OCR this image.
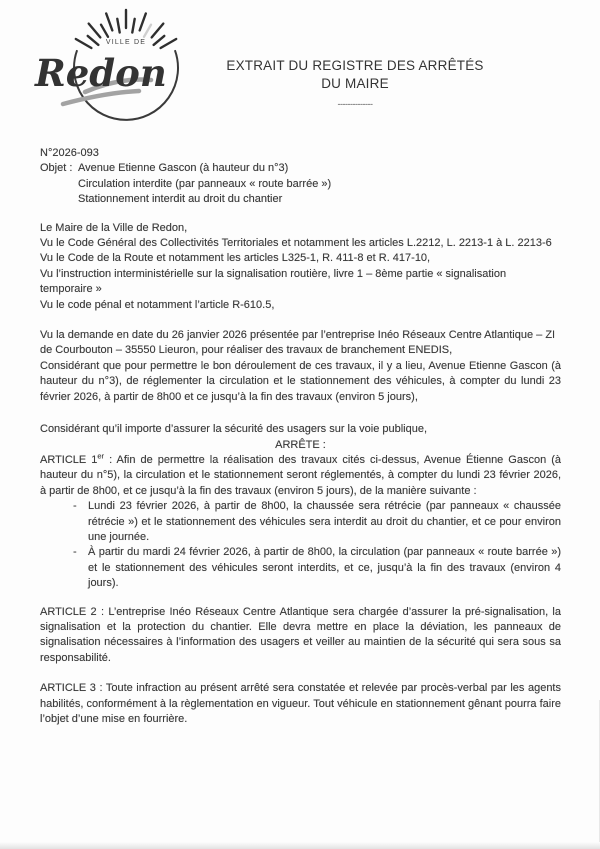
VILLE DE
Redon	EXTRAIT DU REGISTRE DES ARRÊTÉS
DU MAIRE
--------------

N°2026-093

Objet : Avenue Etienne Gascon (à hauteur du n°3)
Circulation interdite (par panneaux « route barrée »)
Stationnement interdit au droit du chantier

Le Maire de la Ville de Redon,

Vu le Code Général des Collectivités Territoriales et notamment les articles L.2212, L. 2213-1 à L. 2213-6

Vu le Code de la Route et notamment les articles L325-1, R. 411-8 et R. 417-10,

Vu l’instruction interministérielle sur la signalisation routière, livre 1 – 8ème partie « signalisation temporaire »

Vu le code pénal et notamment l’article R-610.5,

Vu la demande en date du 26 janvier 2026 présentée par l’entreprise Inéo Réseaux Centre Atlantique – ZI de Courbouton – 35550 Lieuron, pour réaliser des travaux de branchement ENEDIS,

Considérant que pour permettre le bon déroulement de ces travaux, il y a lieu, Avenue Etienne Gascon (à hauteur du n°3), de réglementer la circulation et le stationnement des véhicules, à compter du lundi 23 février 2026, à partir de 8h00 et ce jusqu’à la fin des travaux (environ 5 jours),

Considérant qu’il importe d’assurer la sécurité des usagers sur la voie publique,

ARRÊTE :

ARTICLE 1er : Afin de permettre la réalisation des travaux cités ci-dessus, Avenue Étienne Gascon (à hauteur du n°5), la circulation et le stationnement seront réglementés, à compter du lundi 23 février 2026, à partir de 8h00, et ce jusqu’à la fin des travaux (environ 5 jours), de la manière suivante :

-	Lundi 23 février 2026, à partir de 8h00, la chaussée sera rétrécie (par panneaux « chaussée rétrécie ») et le stationnement des véhicules sera interdit au droit du chantier, et ce pour environ une journée.
-	À partir du mardi 24 février 2026, à partir de 8h00, la circulation (par panneaux « route barrée ») et le stationnement des véhicules seront interdits, et ce, jusqu’à la fin des travaux (environ 4 jours).

ARTICLE 2 : L’entreprise Inéo Réseaux Centre Atlantique sera chargée d’assurer la pré-signalisation, la signalisation et la protection du chantier. Elle devra mettre en place la déviation, les panneaux de signalisation nécessaires à l’information des usagers et veiller au maintien de la sécurité qui sera sous sa responsabilité.

ARTICLE 3 : Toute infraction au présent arrêté sera constatée et relevée par procès-verbal par les agents habilités, conformément à la règlementation en vigueur. Tout véhicule en stationnement gênant pourra faire l’objet d’une mise en fourrière.
